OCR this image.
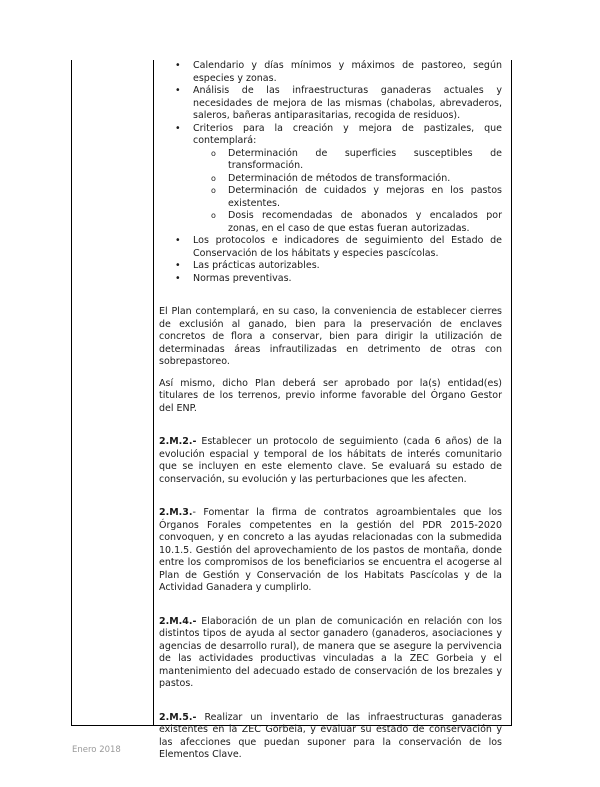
• Calendario y días mínimos y máximos de pastoreo, según especies y zonas.
• Análisis de las infraestructuras ganaderas actuales y necesidades de mejora de las mismas (chabolas, abrevaderos, saleros, bañeras antiparasitarias, recogida de residuos).
• Criterios para la creación y mejora de pastizales, que contemplará:
o Determinación de superficies susceptibles de transformación.
o Determinación de métodos de transformación.
o Determinación de cuidados y mejoras en los pastos existentes.
o Dosis recomendadas de abonados y encalados por zonas, en el caso de que estas fueran autorizadas.
• Los protocolos e indicadores de seguimiento del Estado de Conservación de los hábitats y especies pascícolas.
• Las prácticas autorizables.
• Normas preventivas.

El Plan contemplará, en su caso, la conveniencia de establecer cierres de exclusión al ganado, bien para la preservación de enclaves concretos de flora a conservar, bien para dirigir la utilización de determinadas áreas infrautilizadas en detrimento de otras con sobrepastoreo.

Así mismo, dicho Plan deberá ser aprobado por la(s) entidad(es) titulares de los terrenos, previo informe favorable del Órgano Gestor del ENP.

2.M.2.- Establecer un protocolo de seguimiento (cada 6 años) de la evolución espacial y temporal de los hábitats de interés comunitario que se incluyen en este elemento clave. Se evaluará su estado de conservación, su evolución y las perturbaciones que les afecten.

2.M.3.- Fomentar la firma de contratos agroambientales que los Órganos Forales competentes en la gestión del PDR 2015-2020 convoquen, y en concreto a las ayudas relacionadas con la submedida 10.1.5. Gestión del aprovechamiento de los pastos de montaña, donde entre los compromisos de los beneficiarios se encuentra el acogerse al Plan de Gestión y Conservación de los Habitats Pascícolas y de la Actividad Ganadera y cumplirlo.

2.M.4.- Elaboración de un plan de comunicación en relación con los distintos tipos de ayuda al sector ganadero (ganaderos, asociaciones y agencias de desarrollo rural), de manera que se asegure la pervivencia de las actividades productivas vinculadas a la ZEC Gorbeia y el mantenimiento del adecuado estado de conservación de los brezales y pastos.

2.M.5.- Realizar un inventario de las infraestructuras ganaderas existentes en la ZEC Gorbeia, y evaluar su estado de conservación y las afecciones que puedan suponer para la conservación de los Elementos Clave.

Enero 2018
